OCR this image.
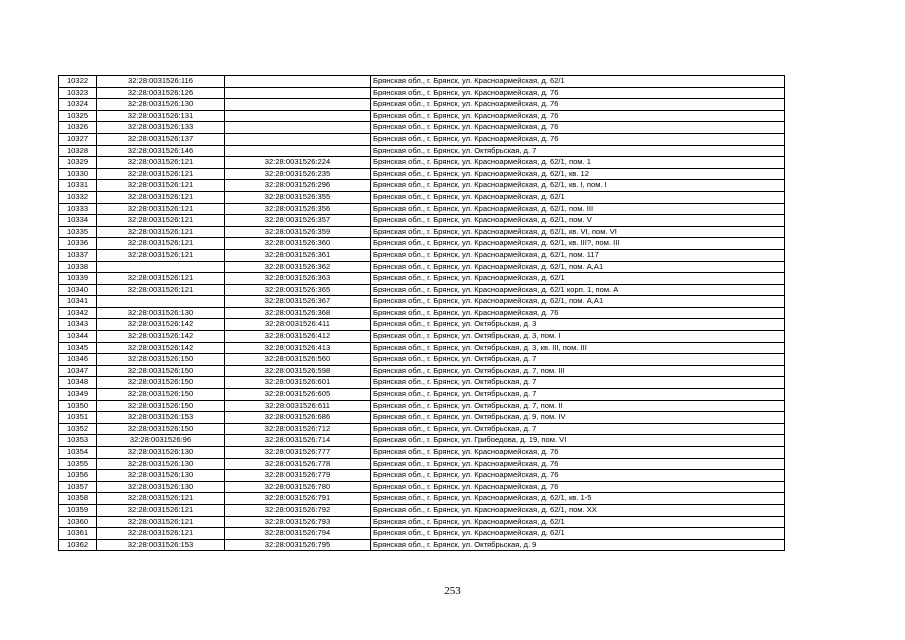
10322	32:28:0031526:116		Брянская обл., г. Брянск, ул. Красноармейская, д. 62/1
10323	32:28:0031526:126		Брянская обл., г. Брянск, ул. Красноармейская, д. 76
10324	32:28:0031526:130		Брянская обл., г. Брянск, ул. Красноармейская, д. 76
10325	32:28:0031526:131		Брянская обл., г. Брянск, ул. Красноармейская, д. 76
10326	32:28:0031526:133		Брянская обл., г. Брянск, ул. Красноармейская, д. 76
10327	32:28:0031526:137		Брянская обл., г. Брянск, ул. Красноармейская, д. 76
10328	32:28:0031526:146		Брянская обл., г. Брянск, ул. Октябрьская, д. 7
10329	32:28:0031526:121	32:28:0031526:224	Брянская обл., г. Брянск, ул. Красноармейская, д. 62/1, пом. 1
10330	32:28:0031526:121	32:28:0031526:235	Брянская обл., г. Брянск, ул. Красноармейская, д. 62/1, кв. 12
10331	32:28:0031526:121	32:28:0031526:296	Брянская обл., г. Брянск, ул. Красноармейская, д. 62/1, кв. I, пом. I
10332	32:28:0031526:121	32:28:0031526:355	Брянская обл., г. Брянск, ул. Красноармейская, д. 62/1
10333	32:28:0031526:121	32:28:0031526:356	Брянская обл., г. Брянск, ул. Красноармейская, д. 62/1, пом. III
10334	32:28:0031526:121	32:28:0031526:357	Брянская обл., г. Брянск, ул. Красноармейская, д. 62/1, пом. V
10335	32:28:0031526:121	32:28:0031526:359	Брянская обл., г. Брянск, ул. Красноармейская, д. 62/1, кв. VI, пом. VI
10336	32:28:0031526:121	32:28:0031526:360	Брянская обл., г. Брянск, ул. Красноармейская, д. 62/1, кв. III?, пом. III
10337	32:28:0031526:121	32:28:0031526:361	Брянская обл., г. Брянск, ул. Красноармейская, д. 62/1, пом. 117
10338		32:28:0031526:362	Брянская обл., г. Брянск, ул. Красноармейская, д. 62/1, пом. А,А1
10339	32:28:0031526:121	32:28:0031526:363	Брянская обл., г. Брянск, ул. Красноармейская, д. 62/1
10340	32:28:0031526:121	32:28:0031526:365	Брянская обл., г. Брянск, ул. Красноармейская, д. 62/1 корп. 1, пом. А
10341		32:28:0031526:367	Брянская обл., г. Брянск, ул. Красноармейская, д. 62/1, пом. А,А1
10342	32:28:0031526:130	32:28:0031526:368	Брянская обл., г. Брянск, ул. Красноармейская, д. 76
10343	32:28:0031526:142	32:28:0031526:411	Брянская обл., г. Брянск, ул. Октябрьская, д. 3
10344	32:28:0031526:142	32:28:0031526:412	Брянская обл., г. Брянск, ул. Октябрьская, д. 3, пом. I
10345	32:28:0031526:142	32:28:0031526:413	Брянская обл., г. Брянск, ул. Октябрьская, д. 3, кв. III, пом. III
10346	32:28:0031526:150	32:28:0031526:560	Брянская обл., г. Брянск, ул. Октябрьская, д. 7
10347	32:28:0031526:150	32:28:0031526:598	Брянская обл., г. Брянск, ул. Октябрьская, д. 7, пом. III
10348	32:28:0031526:150	32:28:0031526:601	Брянская обл., г. Брянск, ул. Октябрьская, д. 7
10349	32:28:0031526:150	32:28:0031526:605	Брянская обл., г. Брянск, ул. Октябрьская, д. 7
10350	32:28:0031526:150	32:28:0031526:611	Брянская обл., г. Брянск, ул. Октябрьская, д. 7, пом. II
10351	32:28:0031526:153	32:28:0031526:686	Брянская обл., г. Брянск, ул. Октябрьская, д. 9, пом. IV
10352	32:28:0031526:150	32:28:0031526:712	Брянская обл., г. Брянск, ул. Октябрьская, д. 7
10353	32:28:0031526:96	32:28:0031526:714	Брянская обл., г. Брянск, ул. Грибоедова, д. 19, пом. VI
10354	32:28:0031526:130	32:28:0031526:777	Брянская обл., г. Брянск, ул. Красноармейская, д. 76
10355	32:28:0031526:130	32:28:0031526:778	Брянская обл., г. Брянск, ул. Красноармейская, д. 76
10356	32:28:0031526:130	32:28:0031526:779	Брянская обл., г. Брянск, ул. Красноармейская, д. 76
10357	32:28:0031526:130	32:28:0031526:780	Брянская обл., г. Брянск, ул. Красноармейская, д. 76
10358	32:28:0031526:121	32:28:0031526:791	Брянская обл., г. Брянск, ул. Красноармейская, д. 62/1, кв. 1-5
10359	32:28:0031526:121	32:28:0031526:792	Брянская обл., г. Брянск, ул. Красноармейская, д. 62/1, пом. XX
10360	32:28:0031526:121	32:28:0031526:793	Брянская обл., г. Брянск, ул. Красноармейская, д. 62/1
10361	32:28:0031526:121	32:28:0031526:794	Брянская обл., г. Брянск, ул. Красноармейская, д. 62/1
10362	32:28:0031526:153	32:28:0031526:795	Брянская обл., г. Брянск, ул. Октябрьская, д. 9
253
